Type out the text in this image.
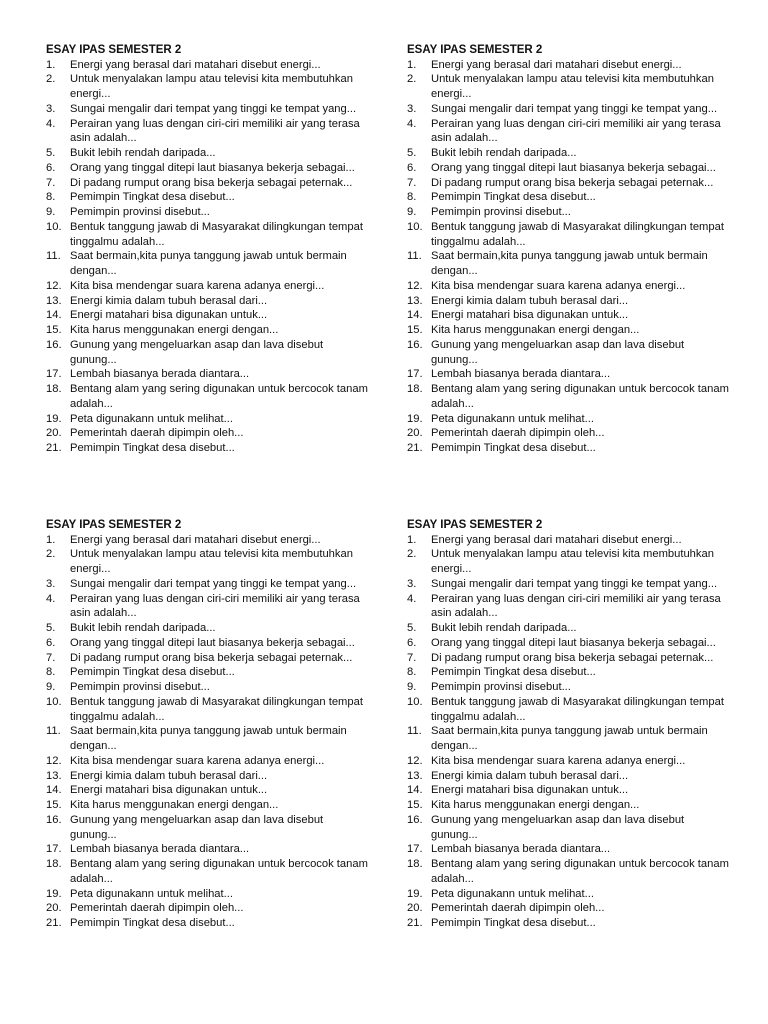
ESAY IPAS SEMESTER 2
1.	Energi yang berasal dari matahari disebut energi...
2.	Untuk menyalakan lampu atau televisi kita membutuhkan energi...
3.	Sungai mengalir dari tempat yang tinggi ke tempat yang...
4.	Perairan yang luas dengan ciri-ciri memiliki air yang terasa asin adalah...
5.	Bukit lebih rendah daripada...
6.	Orang yang tinggal ditepi laut biasanya bekerja sebagai...
7.	Di padang rumput orang bisa bekerja sebagai peternak...
8.	Pemimpin Tingkat desa disebut...
9.	Pemimpin provinsi disebut...
10. Bentuk tanggung jawab di Masyarakat dilingkungan tempat tinggalmu adalah...
11. Saat bermain,kita punya tanggung jawab untuk bermain dengan...
12. Kita bisa mendengar suara karena adanya energi...
13. Energi kimia dalam tubuh berasal dari...
14. Energi matahari bisa digunakan untuk...
15. Kita harus menggunakan energi dengan...
16. Gunung yang mengeluarkan asap dan lava disebut gunung...
17. Lembah biasanya berada diantara...
18. Bentang alam yang sering digunakan untuk bercocok tanam adalah...
19. Peta digunakann untuk melihat...
20. Pemerintah daerah dipimpin oleh...
21. Pemimpin Tingkat desa disebut...
ESAY IPAS SEMESTER 2
1.	Energi yang berasal dari matahari disebut energi...
2.	Untuk menyalakan lampu atau televisi kita membutuhkan energi...
3.	Sungai mengalir dari tempat yang tinggi ke tempat yang...
4.	Perairan yang luas dengan ciri-ciri memiliki air yang terasa asin adalah...
5.	Bukit lebih rendah daripada...
6.	Orang yang tinggal ditepi laut biasanya bekerja sebagai...
7.	Di padang rumput orang bisa bekerja sebagai peternak...
8.	Pemimpin Tingkat desa disebut...
9.	Pemimpin provinsi disebut...
10. Bentuk tanggung jawab di Masyarakat dilingkungan tempat tinggalmu adalah...
11. Saat bermain,kita punya tanggung jawab untuk bermain dengan...
12. Kita bisa mendengar suara karena adanya energi...
13. Energi kimia dalam tubuh berasal dari...
14. Energi matahari bisa digunakan untuk...
15. Kita harus menggunakan energi dengan...
16. Gunung yang mengeluarkan asap dan lava disebut gunung...
17. Lembah biasanya berada diantara...
18. Bentang alam yang sering digunakan untuk bercocok tanam adalah...
19. Peta digunakann untuk melihat...
20. Pemerintah daerah dipimpin oleh...
21. Pemimpin Tingkat desa disebut...
ESAY IPAS SEMESTER 2
1.	Energi yang berasal dari matahari disebut energi...
2.	Untuk menyalakan lampu atau televisi kita membutuhkan energi...
3.	Sungai mengalir dari tempat yang tinggi ke tempat yang...
4.	Perairan yang luas dengan ciri-ciri memiliki air yang terasa asin adalah...
5.	Bukit lebih rendah daripada...
6.	Orang yang tinggal ditepi laut biasanya bekerja sebagai...
7.	Di padang rumput orang bisa bekerja sebagai peternak...
8.	Pemimpin Tingkat desa disebut...
9.	Pemimpin provinsi disebut...
10. Bentuk tanggung jawab di Masyarakat dilingkungan tempat tinggalmu adalah...
11. Saat bermain,kita punya tanggung jawab untuk bermain dengan...
12. Kita bisa mendengar suara karena adanya energi...
13. Energi kimia dalam tubuh berasal dari...
14. Energi matahari bisa digunakan untuk...
15. Kita harus menggunakan energi dengan...
16. Gunung yang mengeluarkan asap dan lava disebut gunung...
17. Lembah biasanya berada diantara...
18. Bentang alam yang sering digunakan untuk bercocok tanam adalah...
19. Peta digunakann untuk melihat...
20. Pemerintah daerah dipimpin oleh...
21. Pemimpin Tingkat desa disebut...
ESAY IPAS SEMESTER 2
1.	Energi yang berasal dari matahari disebut energi...
2.	Untuk menyalakan lampu atau televisi kita membutuhkan energi...
3.	Sungai mengalir dari tempat yang tinggi ke tempat yang...
4.	Perairan yang luas dengan ciri-ciri memiliki air yang terasa asin adalah...
5.	Bukit lebih rendah daripada...
6.	Orang yang tinggal ditepi laut biasanya bekerja sebagai...
7.	Di padang rumput orang bisa bekerja sebagai peternak...
8.	Pemimpin Tingkat desa disebut...
9.	Pemimpin provinsi disebut...
10. Bentuk tanggung jawab di Masyarakat dilingkungan tempat tinggalmu adalah...
11. Saat bermain,kita punya tanggung jawab untuk bermain dengan...
12. Kita bisa mendengar suara karena adanya energi...
13. Energi kimia dalam tubuh berasal dari...
14. Energi matahari bisa digunakan untuk...
15. Kita harus menggunakan energi dengan...
16. Gunung yang mengeluarkan asap dan lava disebut gunung...
17. Lembah biasanya berada diantara...
18. Bentang alam yang sering digunakan untuk bercocok tanam adalah...
19. Peta digunakann untuk melihat...
20. Pemerintah daerah dipimpin oleh...
21. Pemimpin Tingkat desa disebut...
